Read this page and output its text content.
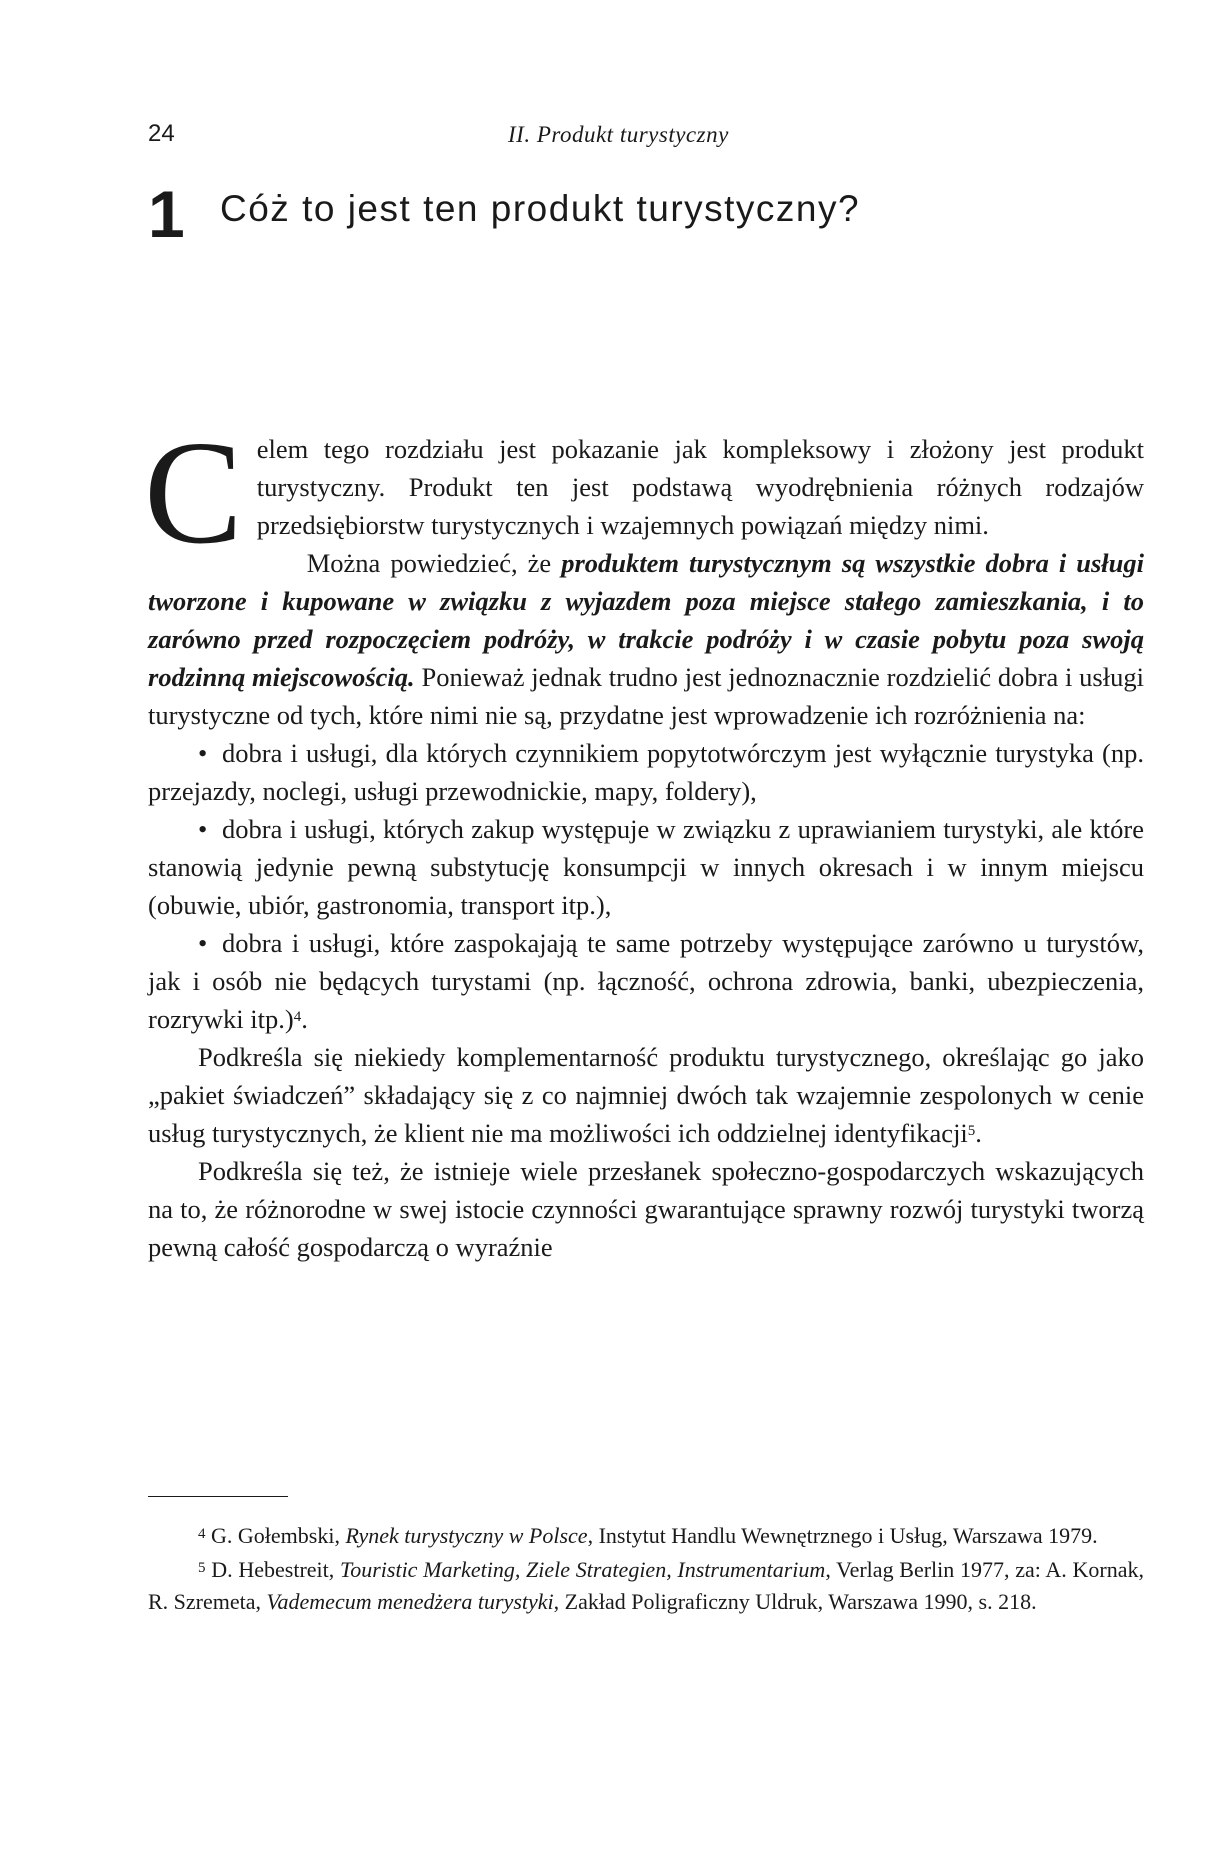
24	II. Produkt turystyczny
1 Cóż to jest ten produkt turystyczny?
C elem tego rozdziału jest pokazanie jak kompleksowy i złożony jest produkt turystyczny. Produkt ten jest podstawą wyodrębnienia różnych rodzajów przedsiębiorstw turystycznych i wzajemnych powiązań między nimi.

Można powiedzieć, że produktem turystycznym są wszystkie dobra i usługi tworzone i kupowane w związku z wyjazdem poza miejsce stałego zamieszkania, i to zarówno przed rozpoczęciem podróży, w trakcie podróży i w czasie pobytu poza swoją rodzinną miejscowością. Ponieważ jednak trudno jest jednoznacznie rozdzielić dobra i usługi turystyczne od tych, które nimi nie są, przydatne jest wprowadzenie ich rozróżnienia na:

• dobra i usługi, dla których czynnikiem popytotwórczym jest wyłącznie turystyka (np. przejazdy, noclegi, usługi przewodnickie, mapy, foldery),

• dobra i usługi, których zakup występuje w związku z uprawianiem turystyki, ale które stanowią jedynie pewną substytucję konsumpcji w innych okresach i w innym miejscu (obuwie, ubiór, gastronomia, transport itp.),

• dobra i usługi, które zaspokajają te same potrzeby występujące zarówno u turystów, jak i osób nie będących turystami (np. łączność, ochrona zdrowia, banki, ubezpieczenia, rozrywki itp.)$^4$.

Podkreśla się niekiedy komplementarność produktu turystycznego, określając go jako „pakiet świadczeń” składający się z co najmniej dwóch tak wzajemnie zespolonych w cenie usług turystycznych, że klient nie ma możliwości ich oddzielnej identyfikacji$^5$.

Podkreśla się też, że istnieje wiele przesłanek społeczno-gospodarczych wskazujących na to, że różnorodne w swej istocie czynności gwarantujące sprawny rozwój turystyki tworzą pewną całość gospodarczą o wyraźnie

$^4$ G. Gołembski, Rynek turystyczny w Polsce, Instytut Handlu Wewnętrznego i Usług, Warszawa 1979.

$^5$ D. Hebestreit, Touristic Marketing, Ziele Strategien, Instrumentarium, Verlag Berlin 1977, za: A. Kornak, R. Szremeta, Vademecum menedżera turystyki, Zakład Poligraficzny Uldruk, Warszawa 1990, s. 218.
